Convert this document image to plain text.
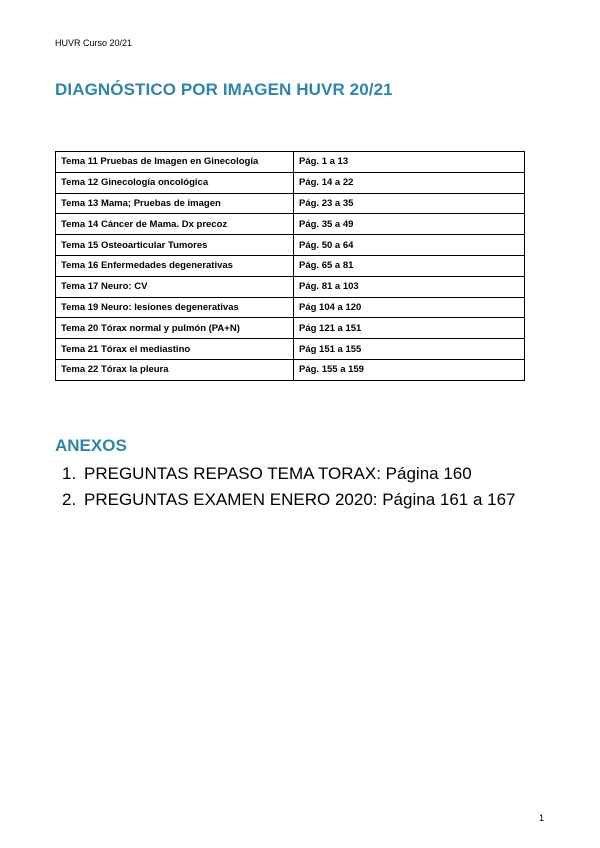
HUVR Curso 20/21
DIAGNÓSTICO POR IMAGEN HUVR 20/21
Tema 11 Pruebas de Imagen en Ginecología	Pág. 1 a 13
Tema 12 Ginecología oncológica	Pág. 14 a 22
Tema 13 Mama; Pruebas de imagen	Pág. 23 a 35
Tema 14 Cáncer de Mama. Dx precoz	Pág. 35 a 49
Tema 15 Osteoarticular Tumores	Pág. 50 a 64
Tema 16 Enfermedades degenerativas	Pág. 65 a 81
Tema 17 Neuro: CV	Pág. 81 a 103
Tema 19 Neuro: lesiones degenerativas	Pág 104 a 120
Tema 20 Tórax normal y pulmón (PA+N)	Pág 121 a 151
Tema 21 Tórax el mediastino	Pág 151 a 155
Tema 22 Tórax la pleura	Pág. 155 a 159
ANEXOS
1. PREGUNTAS REPASO TEMA TORAX: Página 160
2. PREGUNTAS EXAMEN ENERO 2020: Página 161 a 167
1
